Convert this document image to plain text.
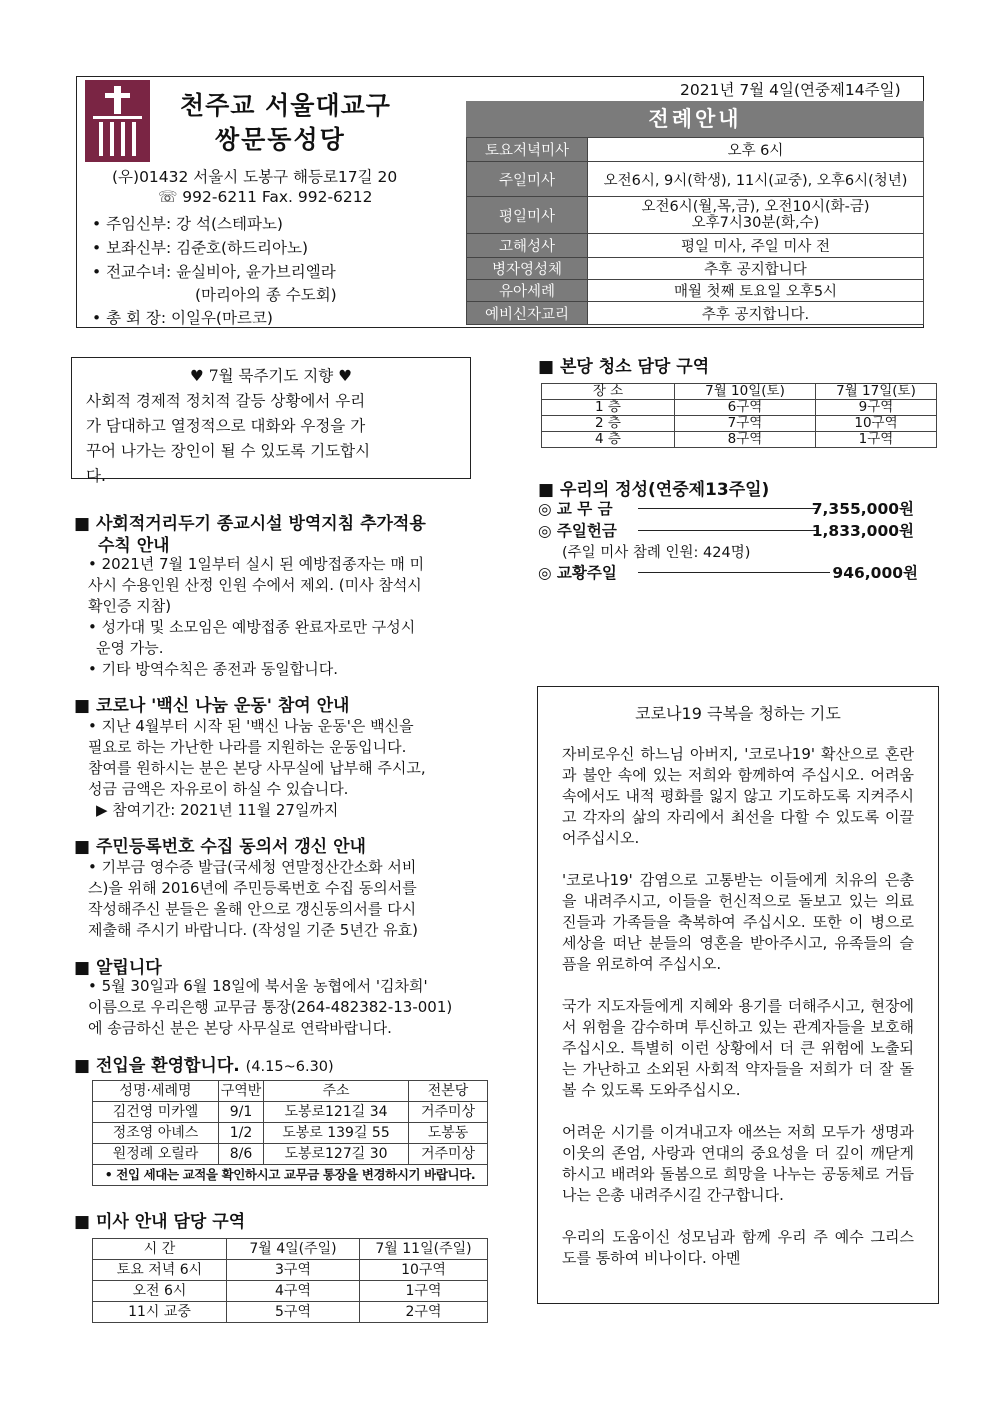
천주교 서울대교구
쌍문동성당
(우)01432 서울시 도봉구 해등로17길 20
☏ 992-6211 Fax. 992-6212
• 주임신부: 강 석(스테파노)
• 보좌신부: 김준호(하드리아노)
• 전교수녀: 윤실비아, 윤가브리엘라
(마리아의 종 수도회)
• 총 회 장: 이일우(마르코)
2021년 7월 4일(연중제14주일)
전례안내
토요저녁미사	오후 6시
주일미사	오전6시, 9시(학생), 11시(교중), 오후6시(청년)
평일미사	오전6시(월,목,금), 오전10시(화-금)
오후7시30분(화,수)

고해성사	평일 미사, 주일 미사 전
병자영성체	추후 공지합니다
유아세례	매월 첫째 토요일 오후5시
예비신자교리	추후 공지합니다.
♥ 7월 묵주기도 지향 ♥
사회적 경제적 정치적 갈등 상황에서 우리
가 담대하고 열정적으로 대화와 우정을 가
꾸어 나가는 장인이 될 수 있도록 기도합시
다.
■ 사회적거리두기 종교시설 방역지침 추가적용
수칙 안내
• 2021년 7월 1일부터 실시 된 예방접종자는 매 미
사시 수용인원 산정 인원 수에서 제외. (미사 참석시
확인증 지참)
• 성가대 및 소모임은 예방접종 완료자로만 구성시
운영 가능.
• 기타 방역수칙은 종전과 동일합니다.
■ 코로나 '백신 나눔 운동' 참여 안내
• 지난 4월부터 시작 된 '백신 나눔 운동'은 백신을
필요로 하는 가난한 나라를 지원하는 운동입니다.
참여를 원하시는 분은 본당 사무실에 납부해 주시고,
성금 금액은 자유로이 하실 수 있습니다.
▶ 참여기간: 2021년 11월 27일까지
■ 주민등록번호 수집 동의서 갱신 안내
• 기부금 영수증 발급(국세청 연말정산간소화 서비
스)을 위해 2016년에 주민등록번호 수집 동의서를
작성해주신 분들은 올해 안으로 갱신동의서를 다시
제출해 주시기 바랍니다. (작성일 기준 5년간 유효)
■ 알립니다
• 5월 30일과 6월 18일에 북서울 농협에서 '김차희'
이름으로 우리은행 교무금 통장(264-482382-13-001)
에 송금하신 분은 본당 사무실로 연락바랍니다.
■ 전입을 환영합니다. (4.15~6.30)
성명·세례명	구역반	주소	전본당
김건영 미카엘	9/1	도봉로121길 34	거주미상
정조영 아녜스	1/2	도봉로 139길 55	도봉동
원정례 오릴라	8/6	도봉로127길 30	거주미상
• 전입 세대는 교적을 확인하시고 교무금 통장을 변경하시기 바랍니다.			
■ 미사 안내 담당 구역
시 간	7월 4일(주일)	7월 11일(주일)
토요 저녁 6시	3구역	10구역
오전 6시	4구역	1구역
11시 교중	5구역	2구역
■ 본당 청소 담당 구역
장 소	7월 10일(토)	7월 17일(토)
1 층	6구역	9구역
2 층	7구역	10구역
4 층	8구역	1구역
■ 우리의 정성(연중제13주일)
◎ 교 무 금	7,355,000원
◎ 주일헌금	1,833,000원
(주일 미사 참례 인원: 424명)
◎ 교황주일	946,000원
코로나19 극복을 청하는 기도

자비로우신 하느님 아버지, '코로나19' 확산으로 혼란과 불안 속에 있는 저희와 함께하여 주십시오. 어려움 속에서도 내적 평화를 잃지 않고 기도하도록 지켜주시고 각자의 삶의 자리에서 최선을 다할 수 있도록 이끌어주십시오.

'코로나19' 감염으로 고통받는 이들에게 치유의 은총을 내려주시고, 이들을 헌신적으로 돌보고 있는 의료진들과 가족들을 축복하여 주십시오. 또한 이 병으로 세상을 떠난 분들의 영혼을 받아주시고, 유족들의 슬픔을 위로하여 주십시오.

국가 지도자들에게 지혜와 용기를 더해주시고, 현장에서 위험을 감수하며 투신하고 있는 관계자들을 보호해주십시오. 특별히 이런 상황에서 더 큰 위험에 노출되는 가난하고 소외된 사회적 약자들을 저희가 더 잘 돌볼 수 있도록 도와주십시오.

어려운 시기를 이겨내고자 애쓰는 저희 모두가 생명과 이웃의 존엄, 사랑과 연대의 중요성을 더 깊이 깨닫게 하시고 배려와 돌봄으로 희망을 나누는 공동체로 거듭나는 은총 내려주시길 간구합니다.

우리의 도움이신 성모님과 함께 우리 주 예수 그리스도를 통하여 비나이다. 아멘
